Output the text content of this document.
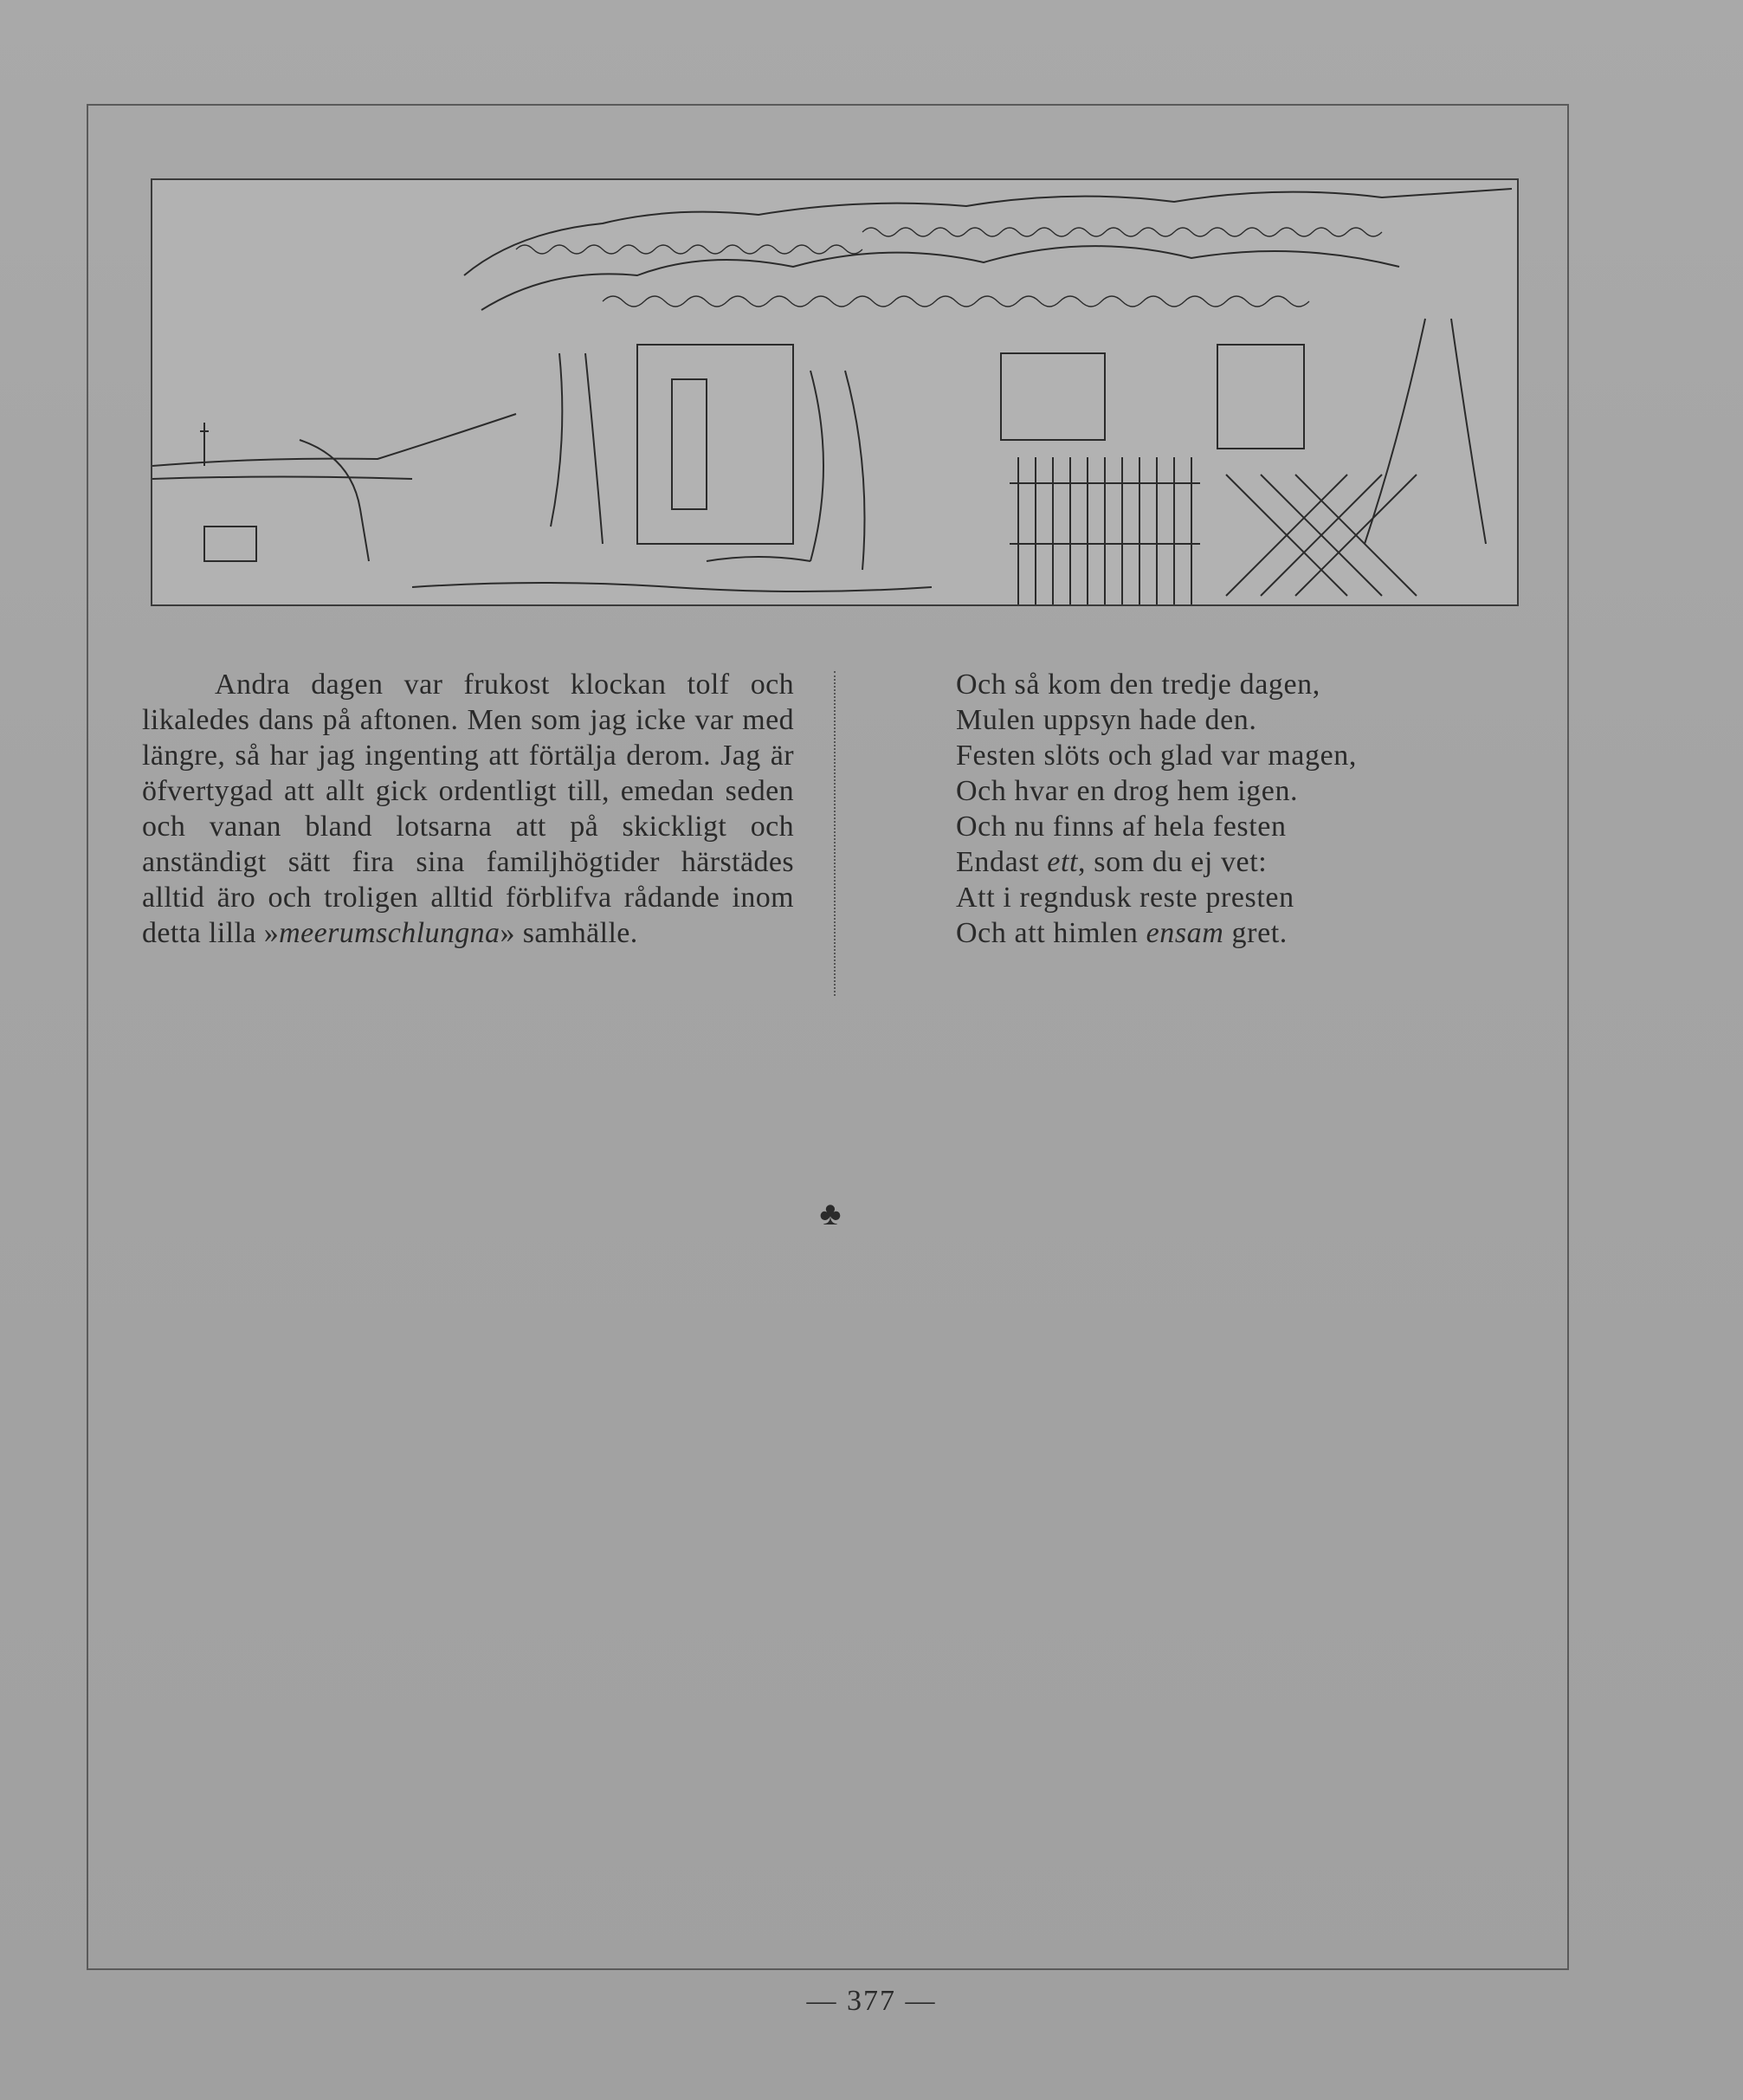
Andra dagen var frukost klockan tolf och likaledes dans på aftonen. Men som jag icke var med längre, så har jag ingenting att förtälja derom. Jag är öfvertygad att allt gick ordentligt till, emedan seden och vanan bland lotsarna att på skickligt och anständigt sätt fira sina familjhögtider härstädes alltid äro och troligen alltid förblifva rådande inom detta lilla »meerumschlungna» samhälle.

Och så kom den tredje dagen,
Mulen uppsyn hade den.
Festen slöts och glad var magen,
Och hvar en drog hem igen.
Och nu finns af hela festen
Endast ett, som du ej vet:
Att i regndusk reste presten
Och att himlen ensam gret.
♣
— 377 —
